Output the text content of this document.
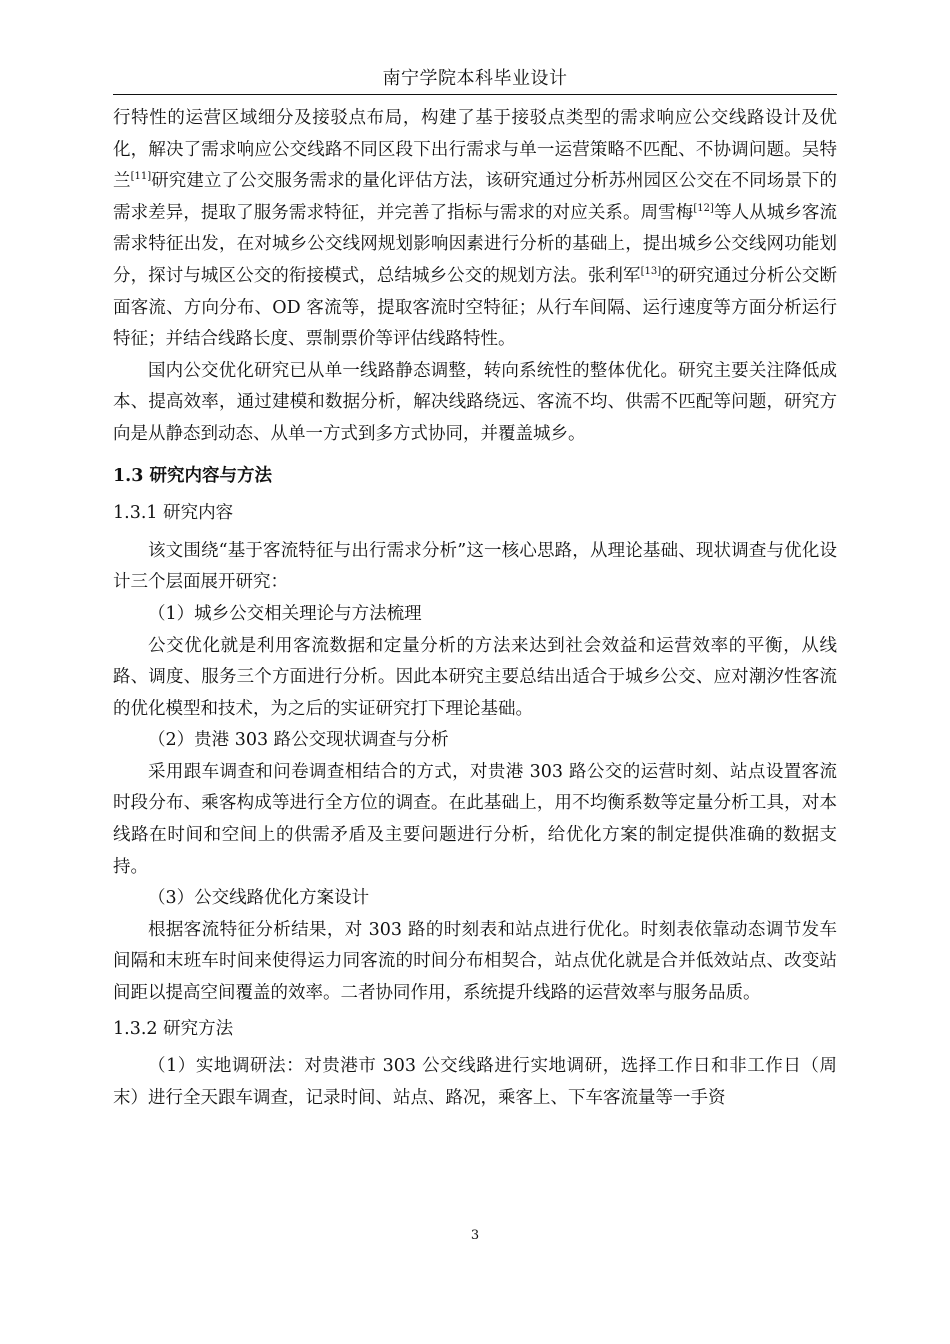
南宁学院本科毕业设计

行特性的运营区域细分及接驳点布局，构建了基于接驳点类型的需求响应公交线路设计及优化，解决了需求响应公交线路不同区段下出行需求与单一运营策略不匹配、不协调问题。吴特兰[11]研究建立了公交服务需求的量化评估方法，该研究通过分析苏州园区公交在不同场景下的需求差异，提取了服务需求特征，并完善了指标与需求的对应关系。周雪梅[12]等人从城乡客流需求特征出发，在对城乡公交线网规划影响因素进行分析的基础上，提出城乡公交线网功能划分，探讨与城区公交的衔接模式，总结城乡公交的规划方法。张利军[13]的研究通过分析公交断面客流、方向分布、OD 客流等，提取客流时空特征；从行车间隔、运行速度等方面分析运行特征；并结合线路长度、票制票价等评估线路特性。

国内公交优化研究已从单一线路静态调整，转向系统性的整体优化。研究主要关注降低成本、提高效率，通过建模和数据分析，解决线路绕远、客流不均、供需不匹配等问题，研究方向是从静态到动态、从单一方式到多方式协同，并覆盖城乡。

1.3 研究内容与方法

1.3.1 研究内容

该文围绕“基于客流特征与出行需求分析”这一核心思路，从理论基础、现状调查与优化设计三个层面展开研究：

（1）城乡公交相关理论与方法梳理

公交优化就是利用客流数据和定量分析的方法来达到社会效益和运营效率的平衡，从线路、调度、服务三个方面进行分析。因此本研究主要总结出适合于城乡公交、应对潮汐性客流的优化模型和技术，为之后的实证研究打下理论基础。

（2）贵港 303 路公交现状调查与分析

采用跟车调查和问卷调查相结合的方式，对贵港 303 路公交的运营时刻、站点设置客流时段分布、乘客构成等进行全方位的调查。在此基础上，用不均衡系数等定量分析工具，对本线路在时间和空间上的供需矛盾及主要问题进行分析，给优化方案的制定提供准确的数据支持。

（3）公交线路优化方案设计

根据客流特征分析结果，对 303 路的时刻表和站点进行优化。时刻表依靠动态调节发车间隔和末班车时间来使得运力同客流的时间分布相契合，站点优化就是合并低效站点、改变站间距以提高空间覆盖的效率。二者协同作用，系统提升线路的运营效率与服务品质。

1.3.2 研究方法

（1）实地调研法：对贵港市 303 公交线路进行实地调研，选择工作日和非工作日（周末）进行全天跟车调查，记录时间、站点、路况，乘客上、下车客流量等一手资

3
